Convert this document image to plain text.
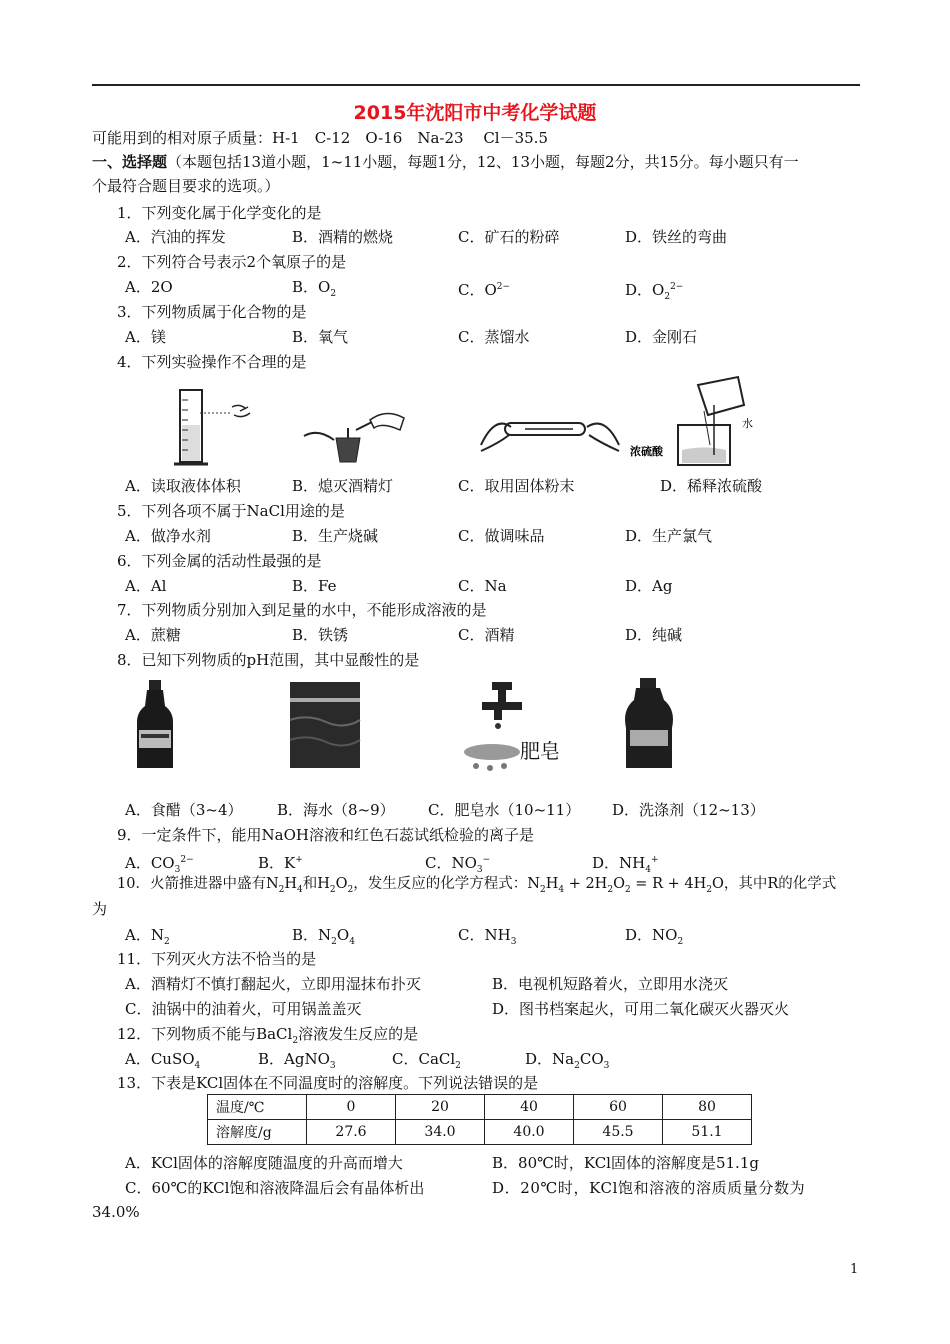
2015年沈阳市中考化学试题
可能用到的相对原子质量：H-1　C-12　O-16　Na-23　 Cl－35.5
一、选择题（本题包括13道小题，1~11小题，每题1分，12、13小题，每题2分，共15分。每小题只有一
个最符合题目要求的选项。）
1．下列变化属于化学变化的是
A．汽油的挥发	B．酒精的燃烧	C．矿石的粉碎	D．铁丝的弯曲
2．下列符合号表示2个氧原子的是
A．2O	B．$O_2$	C．$O^{2-}$	D．$O_2^{2-}$
3．下列物质属于化合物的是
A．镁	B．氧气	C．蒸馏水	D．金刚石
4．下列实验操作不合理的是
水
浓硫酸
A．读取液体体积	B．熄灭酒精灯	C．取用固体粉末	D．稀释浓硫酸
5．下列各项不属于NaCl用途的是
A．做净水剂	B．生产烧碱	C．做调味品	D．生产氯气
6．下列金属的活动性最强的是
A．Al	B．Fe	C．Na	D．Ag
7．下列物质分别加入到足量的水中，不能形成溶液的是
A．蔗糖	B．铁锈	C．酒精	D．纯碱
8．已知下列物质的pH范围，其中显酸性的是
肥皂
A．食醋（3~4） B．海水（8~9） C．肥皂水（10~11） D．洗涤剂（12~13）
9．一定条件下，能用NaOH溶液和红色石蕊试纸检验的离子是
A．$CO_3^{2-}$	B．K+	C．$NO_3^-$	D．$NH_4^+$
10．火箭推进器中盛有$N_2H_4$和$H_2O_2$，发生反应的化学方程式：$N_2H_4 + 2H_2O_2 = R + 4H_2O$，其中R的化学式
为
A．$N_2$	B．$N_2O_4$	C．$NH_3$	D．$NO_2$
11．下列灭火方法不恰当的是
A．酒精灯不慎打翻起火，立即用湿抹布扑灭	B．电视机短路着火，立即用水浇灭
C．油锅中的油着火，可用锅盖盖灭	D．图书档案起火，可用二氧化碳灭火器灭火
12．下列物质不能与BaCl$_2$溶液发生反应的是
A．CuSO$_4$	B．AgNO$_3$	C．CaCl$_2$	D．$Na_2CO_3$
13．下表是KCl固体在不同温度时的溶解度。下列说法错误的是
温度/℃	0	20	40	60	80
溶解度/g	27.6	34.0	40.0	45.5	51.1
A．KCl固体的溶解度随温度的升高而增大	B．80℃时，KCl固体的溶解度是51.1g
C．60℃的KCl饱和溶液降温后会有晶体析出	D．20℃时，KCl饱和溶液的溶质质量分数为
34.0%
1
